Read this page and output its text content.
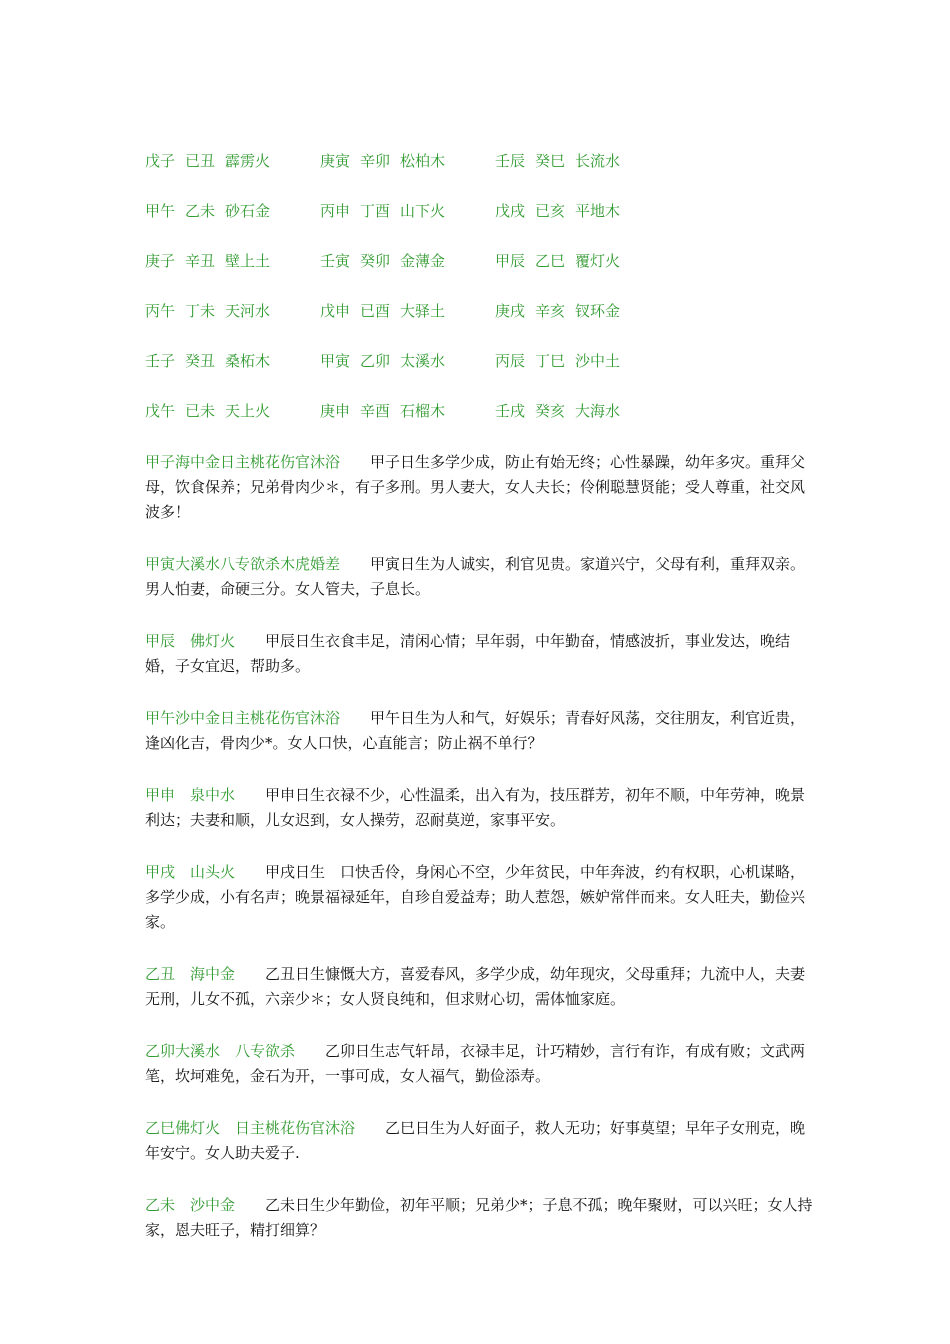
戊子 已丑 霹雳火	庚寅 辛卯 松柏木	壬辰 癸巳 长流水
甲午 乙未 砂石金	丙申 丁酉 山下火	戊戌 已亥 平地木
庚子 辛丑 壁上土	壬寅 癸卯 金薄金	甲辰 乙巳 覆灯火
丙午 丁未 天河水	戊申 已酉 大驿土	庚戌 辛亥 钗环金
壬子 癸丑 桑柘木	甲寅 乙卯 太溪水	丙辰 丁巳 沙中土
戊午 已未 天上火	庚申 辛酉 石榴木	壬戌 癸亥 大海水

甲子海中金日主桃花伤官沐浴 甲子日生多学少成，防止有始无终；心性暴躁，幼年多灾。重拜父母，饮食保养；兄弟骨肉少＊，有子多刑。男人妻大，女人夫长；伶俐聪慧贤能；受人尊重，社交风波多！

甲寅大溪水八专欲杀木虎婚差 甲寅日生为人诚实，利官见贵。家道兴宁，父母有利，重拜双亲。男人怕妻，命硬三分。女人管夫，子息长。

甲辰　佛灯火 甲辰日生衣食丰足，清闲心情；早年弱，中年勤奋，情感波折，事业发达，晚结婚，子女宜迟，帮助多。

甲午沙中金日主桃花伤官沐浴 甲午日生为人和气，好娱乐；青春好风荡，交往朋友，利官近贵，逢凶化吉，骨肉少*。女人口快，心直能言；防止祸不单行？

甲申　泉中水 甲申日生衣禄不少，心性温柔，出入有为，技压群芳，初年不顺，中年劳神，晚景利达；夫妻和顺，儿女迟到，女人操劳，忍耐莫逆，家事平安。

甲戌　山头火 甲戌日生　口快舌伶，身闲心不空，少年贫民，中年奔波，约有权职，心机谋略，多学少成，小有名声；晚景福禄延年，自珍自爱益寿；助人惹怨，嫉妒常伴而来。女人旺夫，勤俭兴家。

乙丑　海中金 乙丑日生慷慨大方，喜爱春风，多学少成，幼年现灾，父母重拜；九流中人，夫妻无刑，儿女不孤，六亲少＊；女人贤良纯和，但求财心切，需体恤家庭。

乙卯大溪水　八专欲杀 乙卯日生志气轩昂，衣禄丰足，计巧精妙，言行有诈，有成有败；文武两笔，坎坷难免，金石为开，一事可成，女人福气，勤俭添寿。

乙巳佛灯火　日主桃花伤官沐浴 乙巳日生为人好面子，救人无功；好事莫望；早年子女刑克，晚年安宁。女人助夫爱子.

乙未　沙中金 乙未日生少年勤俭，初年平顺；兄弟少*；子息不孤；晚年聚财，可以兴旺；女人持家，恩夫旺子，精打细算？
